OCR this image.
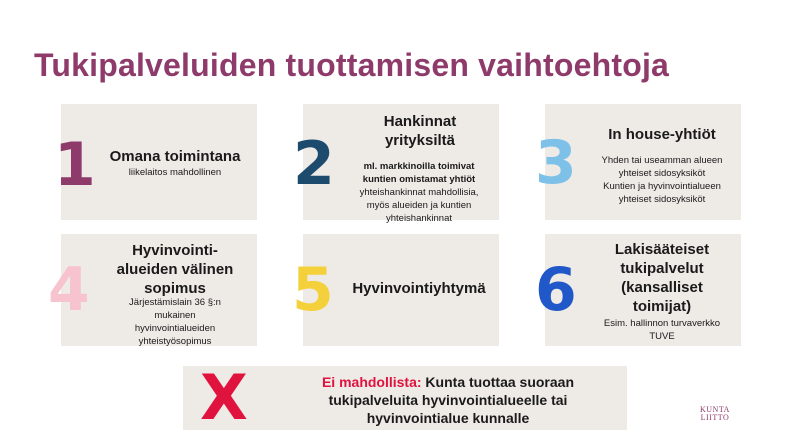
Tukipalveluiden tuottamisen vaihtoehtoja
1 Omana toimintana
liikelaitos mahdollinen	2
Hankinnat
yrityksiltä
ml. markkinoilla toimivat
kuntien omistamat yhtiöt
yhteishankinnat mahdollisia,
myös alueiden ja kuntien
yhteishankinnat
3	In house-yhtiöt
Yhden tai useamman alueen
yhteiset sidosyksiköt
Kuntien ja hyvinvointialueen
yhteiset sidosyksiköt
4
Hyvinvointi-
alueiden välinen
sopimus
Järjestämislain 36 §:n
mukainen
hyvinvointialueiden
yhteistyösopimus
5	Hyvinvointiyhtymä 6
Lakisääteiset
tukipalvelut
(kansalliset
toimijat)
Esim. hallinnon turvaverkko
TUVE
X	Ei mahdollista: Kunta tuottaa suoraan
tukipalveluita hyvinvointialueelle tai
hyvinvointialue kunnalle
KUNTA
LIITTO
